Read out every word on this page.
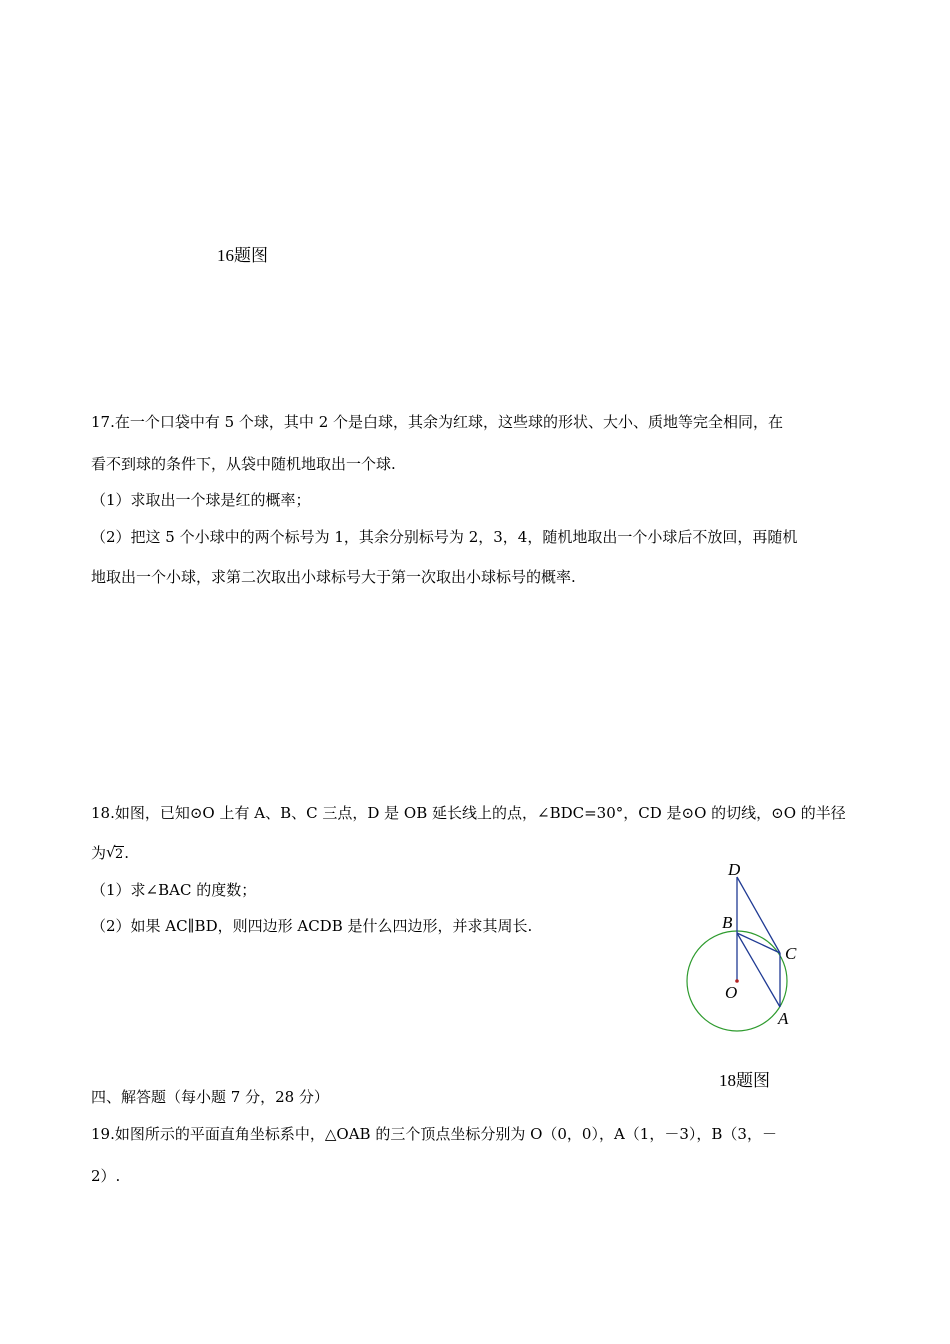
16题图
17.在一个口袋中有 5 个球，其中 2 个是白球，其余为红球，这些球的形状、大小、质地等完全相同，在
看不到球的条件下，从袋中随机地取出一个球.
（1）求取出一个球是红的概率；
（2）把这 5 个小球中的两个标号为 1，其余分别标号为 2，3，4，随机地取出一个小球后不放回，再随机
地取出一个小球，求第二次取出小球标号大于第一次取出小球标号的概率.
18.如图，已知⊙O 上有 A、B、C 三点，D 是 OB 延长线上的点，∠BDC=30°，CD 是⊙O 的切线，⊙O 的半径
为 √ 2.
（1）求∠BAC 的度数；
（2）如果 AC∥BD，则四边形 ACDB 是什么四边形，并求其周长.
D
B
C
O
A
18题图
四、解答题（每小题 7 分，28 分）
19.如图所示的平面直角坐标系中，△OAB 的三个顶点坐标分别为 O（0，0），A（1，－3），B（3，－
2）.
